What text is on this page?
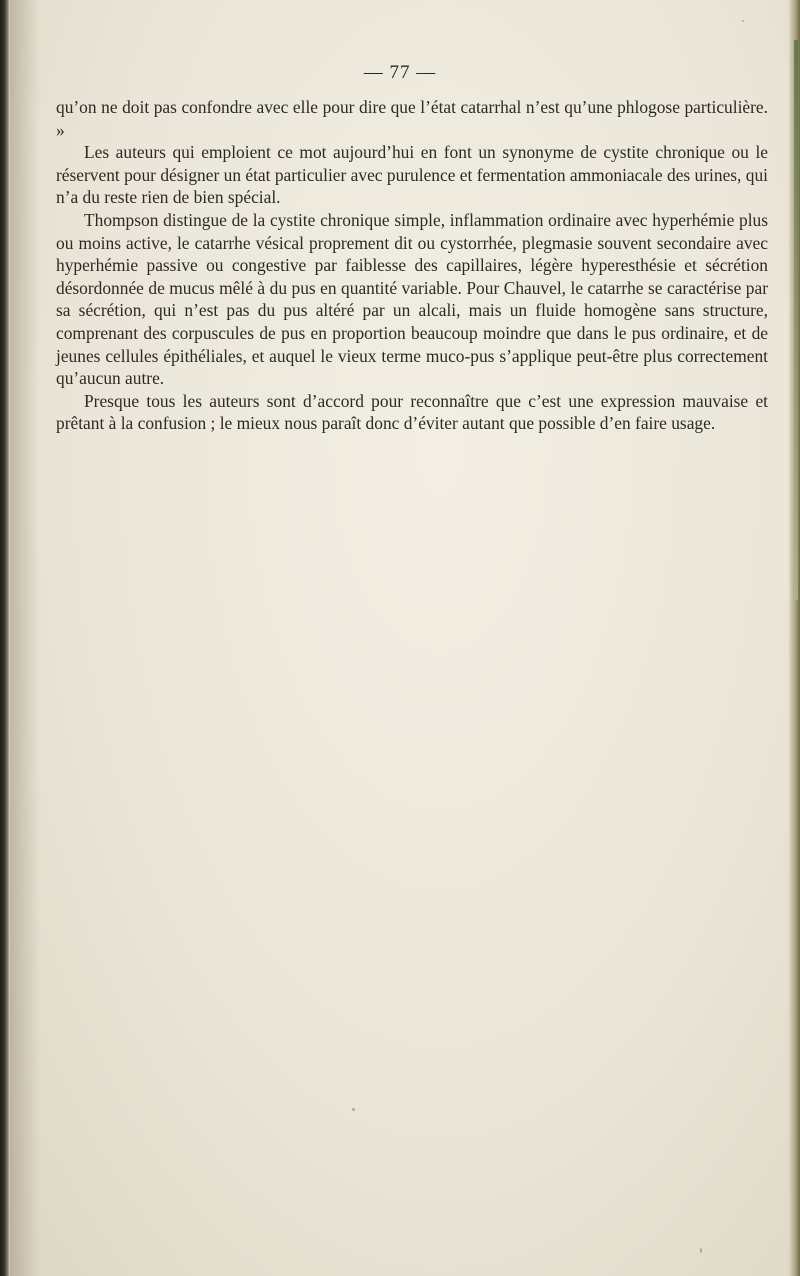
— 77 —

qu’on ne doit pas confondre avec elle pour dire que l’état catarrhal n’est qu’une phlogose particulière. »

Les auteurs qui emploient ce mot aujourd’hui en font un synonyme de cystite chronique ou le réservent pour désigner un état particulier avec purulence et fermentation ammoniacale des urines, qui n’a du reste rien de bien spécial.

Thompson distingue de la cystite chronique simple, inflammation ordinaire avec hyperhémie plus ou moins active, le catarrhe vésical proprement dit ou cystorrhée, plegmasie souvent secondaire avec hyperhémie passive ou congestive par faiblesse des capillaires, légère hyperesthésie et sécrétion désordonnée de mucus mêlé à du pus en quantité variable. Pour Chauvel, le catarrhe se caractérise par sa sécrétion, qui n’est pas du pus altéré par un alcali, mais un fluide homogène sans structure, comprenant des corpuscules de pus en proportion beaucoup moindre que dans le pus ordinaire, et de jeunes cellules épithéliales, et auquel le vieux terme muco-pus s’applique peut-être plus correctement qu’aucun autre.

Presque tous les auteurs sont d’accord pour reconnaître que c’est une expression mauvaise et prêtant à la confusion ; le mieux nous paraît donc d’éviter autant que possible d’en faire usage.
